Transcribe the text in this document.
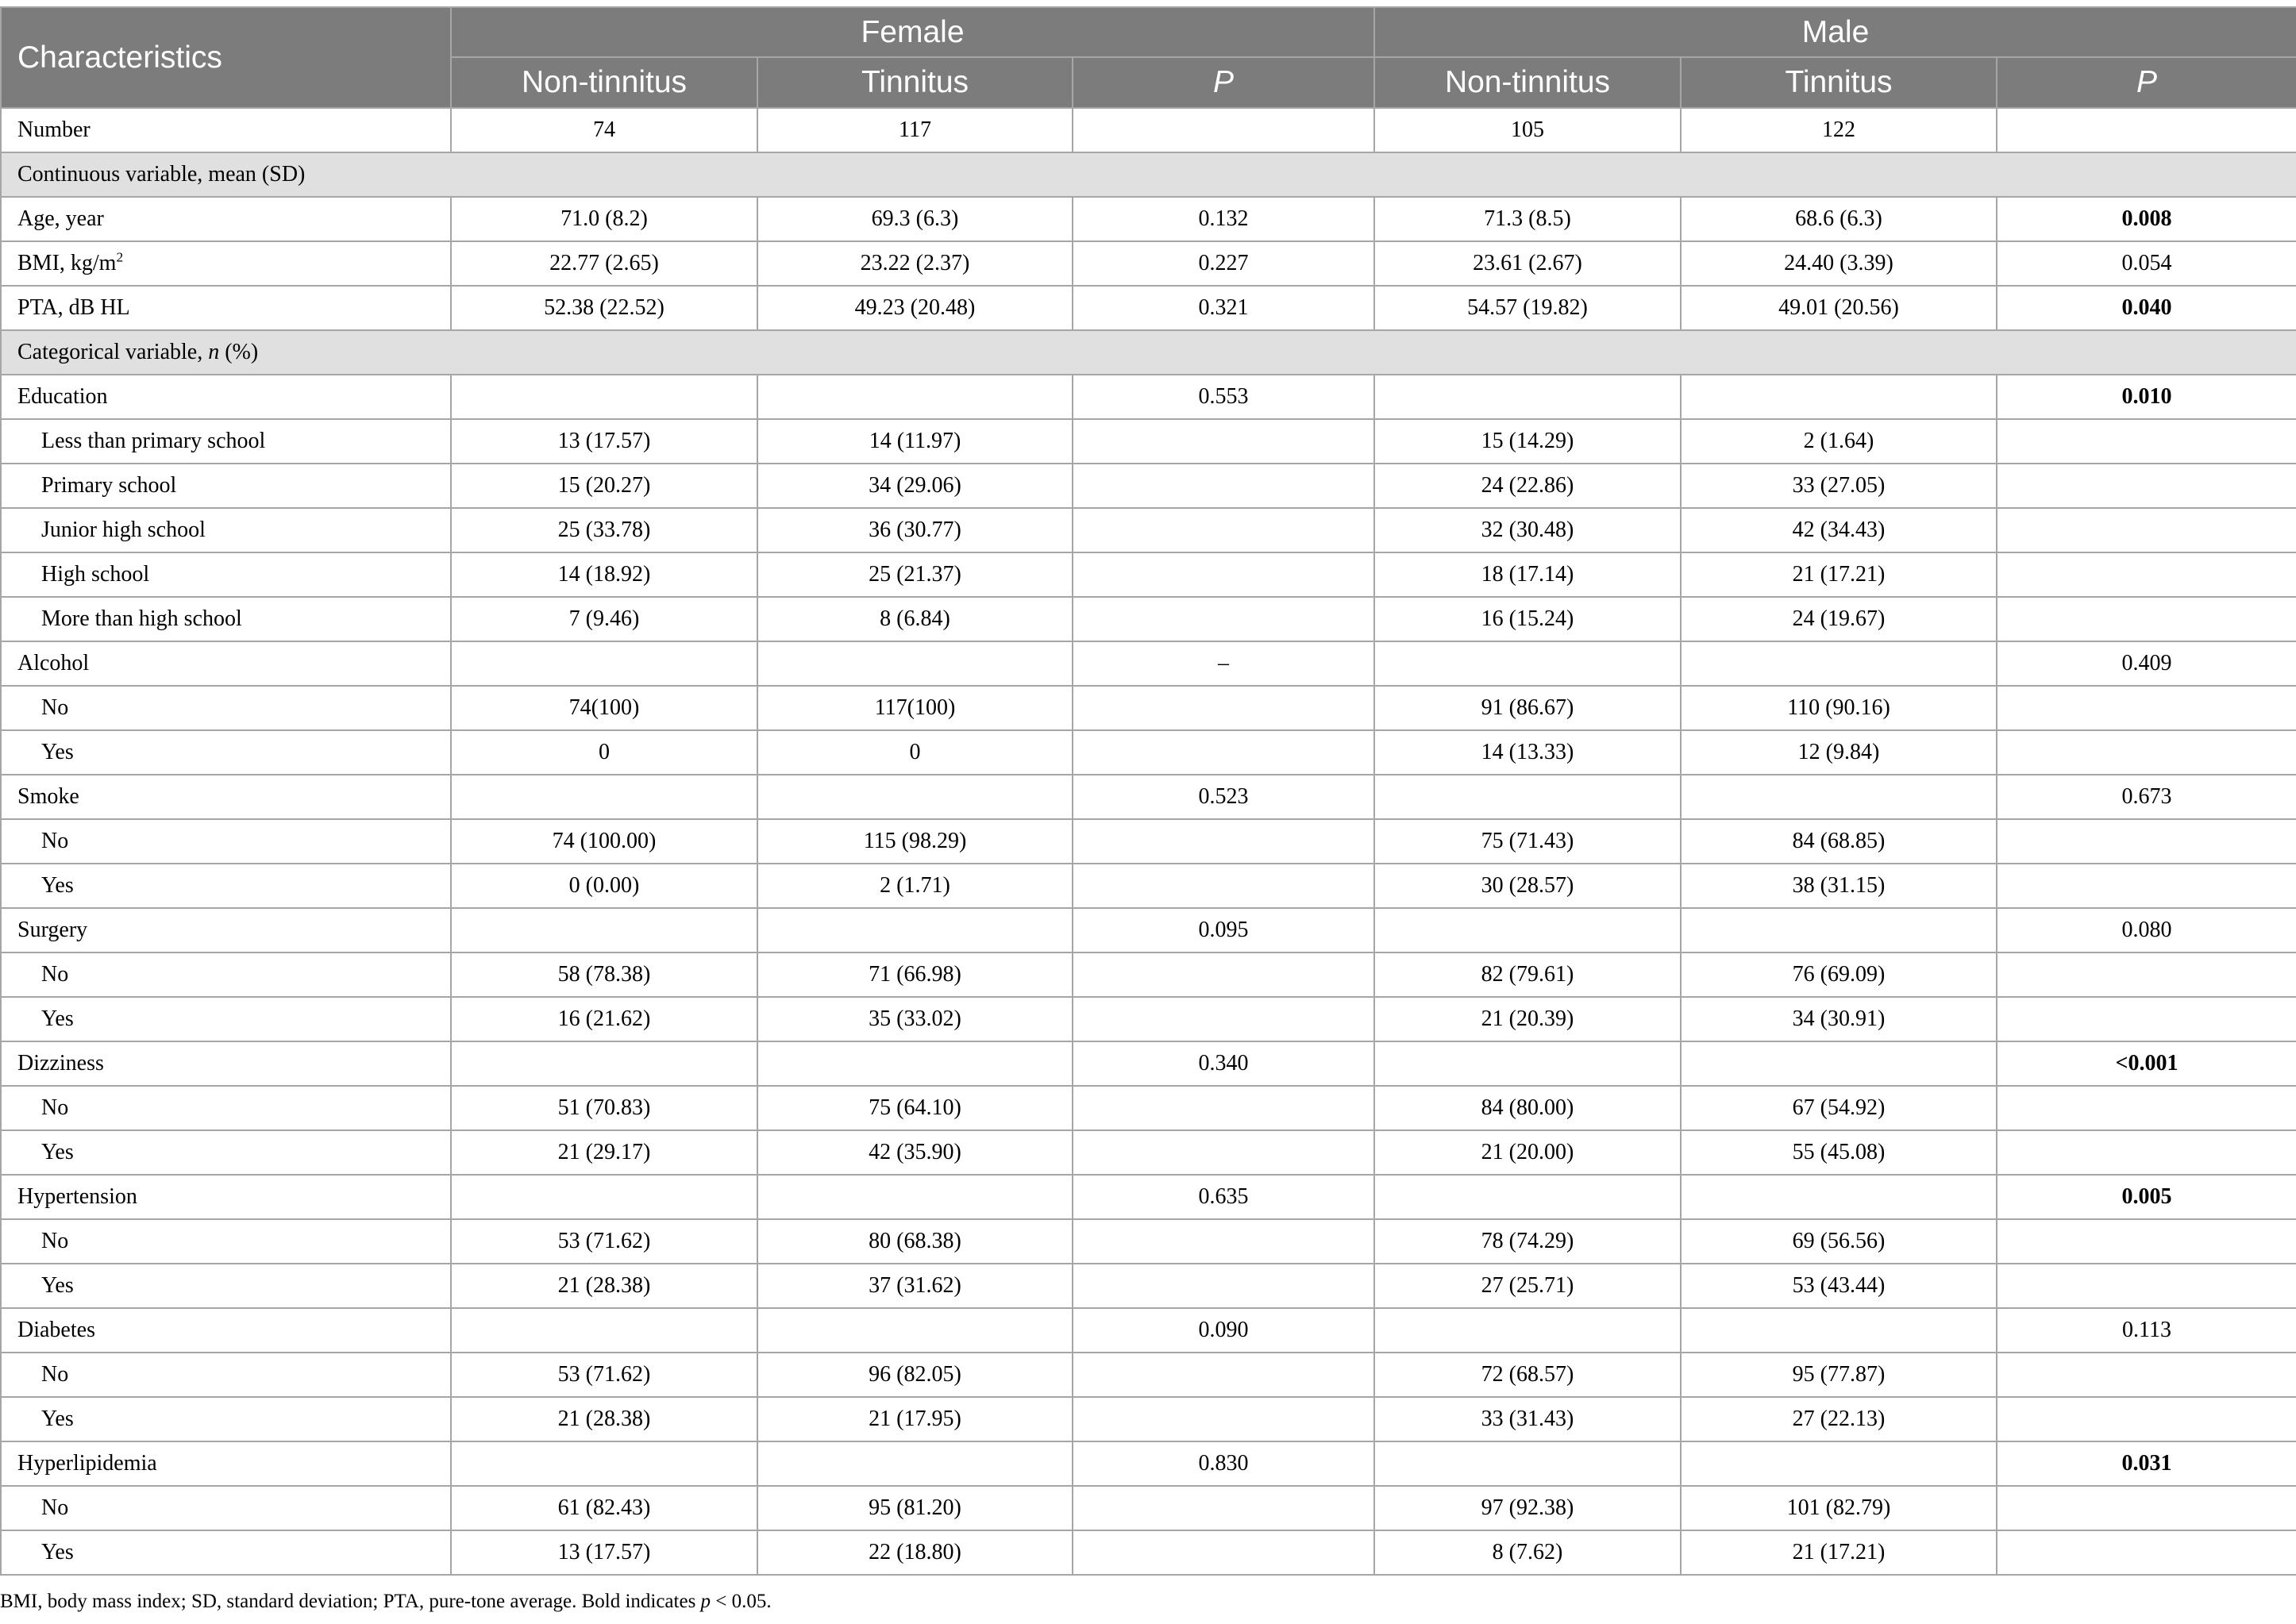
Characteristics	Female			Male		
	Non-tinnitus	Tinnitus	P	Non-tinnitus	Tinnitus	P
Number	74	117		105	122	
Continuous variable, mean (SD)						
Age, year	71.0 (8.2)	69.3 (6.3)	0.132	71.3 (8.5)	68.6 (6.3)	0.008
BMI, $kg/m^2$	22.77 (2.65)	23.22 (2.37)	0.227	23.61 (2.67)	24.40 (3.39)	0.054
PTA, dB HL	52.38 (22.52)	49.23 (20.48)	0.321	54.57 (19.82)	49.01 (20.56)	0.040
Categorical variable, n (%)						
Education			0.553			0.010
Less than primary school	13 (17.57)	14 (11.97)		15 (14.29)	2 (1.64)	
Primary school	15 (20.27)	34 (29.06)		24 (22.86)	33 (27.05)	
Junior high school	25 (33.78)	36 (30.77)		32 (30.48)	42 (34.43)	
High school	14 (18.92)	25 (21.37)		18 (17.14)	21 (17.21)	
More than high school	7 (9.46)	8 (6.84)		16 (15.24)	24 (19.67)	
Alcohol			–			0.409
No	74(100)	117(100)		91 (86.67)	110 (90.16)	
Yes	0	0		14 (13.33)	12 (9.84)	
Smoke			0.523			0.673
No	74 (100.00)	115 (98.29)		75 (71.43)	84 (68.85)	
Yes	0 (0.00)	2 (1.71)		30 (28.57)	38 (31.15)	
Surgery			0.095			0.080
No	58 (78.38)	71 (66.98)		82 (79.61)	76 (69.09)	
Yes	16 (21.62)	35 (33.02)		21 (20.39)	34 (30.91)	
Dizziness			0.340			<0.001
No	51 (70.83)	75 (64.10)		84 (80.00)	67 (54.92)	
Yes	21 (29.17)	42 (35.90)		21 (20.00)	55 (45.08)	
Hypertension			0.635			0.005
No	53 (71.62)	80 (68.38)		78 (74.29)	69 (56.56)	
Yes	21 (28.38)	37 (31.62)		27 (25.71)	53 (43.44)	
Diabetes			0.090			0.113
No	53 (71.62)	96 (82.05)		72 (68.57)	95 (77.87)	
Yes	21 (28.38)	21 (17.95)		33 (31.43)	27 (22.13)	
Hyperlipidemia			0.830			0.031
No	61 (82.43)	95 (81.20)		97 (92.38)	101 (82.79)	
Yes	13 (17.57)	22 (18.80)		8 (7.62)	21 (17.21)	
BMI, body mass index; SD, standard deviation; PTA, pure-tone average. Bold indicates p < 0.05.
